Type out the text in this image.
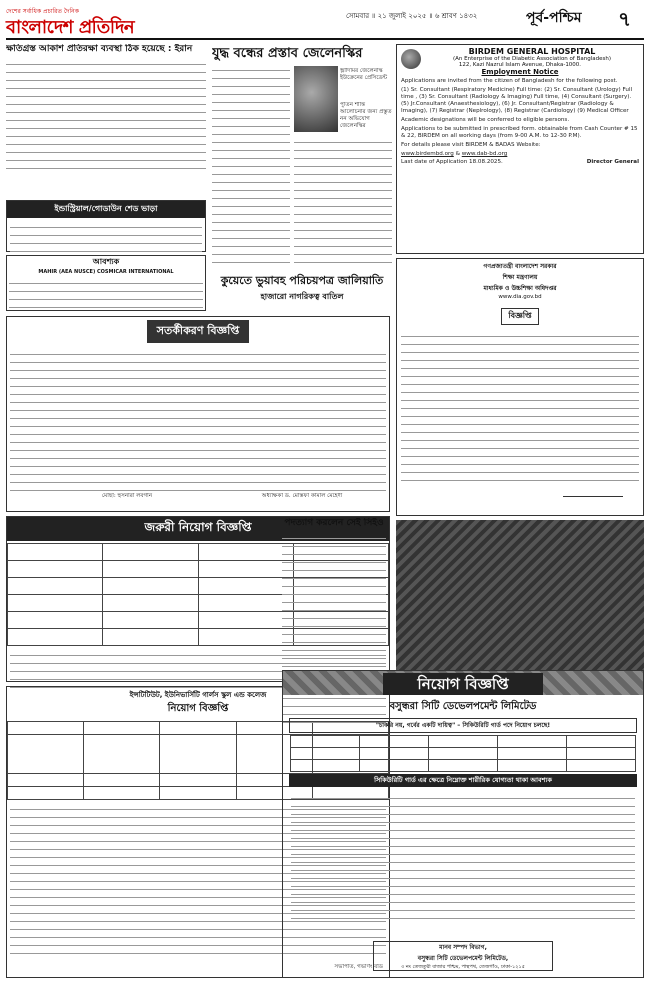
দেশের সর্বাধিক প্রচারিত দৈনিক
বাংলাদেশ প্রতিদিন
সোমবার ॥ ২১ জুলাই ২০২৫ ॥ ৬ শ্রাবণ ১৪৩২	পূর্ব-পশ্চিম ৭
ক্ষতিগ্রস্ত আকাশ প্রতিরক্ষা ব্যবস্থা ঠিক হয়েছে : ইরান
ইন্ডাস্ট্রিয়াল/গোডাউন শেড ভাড়া
আবশ্যক
MAHIR (AEA NUSCE) COSMICAR INTERNATIONAL
সতর্কীকরণ বিজ্ঞপ্তি
মোছা: হুসনারা লবগান	অধ্যক্ষিকা ড. মোস্তফা কামাল মেহেদী
জরুরী নিয়োগ বিজ্ঞপ্তি

ইন্সটিটিউট, ইউনিভার্সিটি গার্লস স্কুল এন্ড কলেজ
নিয়োগ বিজ্ঞপ্তি

সভাপতি, গভর্ণিং বডি
যুদ্ধ বন্ধের প্রস্তাব জেলেনস্কির
ভ্লাদিমির জেলেনস্কি ইউক্রেনের প্রেসিডেন্ট
পুতিন শান্তি আলোচনার জন্য প্রস্তুত নন অভিযোগ জেলেনস্কির
কুয়েতে ভুয়াবহ পরিচয়পত্র জালিয়াতি
হাজারো নাগরিকত্ব বাতিল
পদত্যাগ করলেন সেই সিইও
BIRDEM GENERAL HOSPITAL
(An Enterprise of the Diabetic Association of Bangladesh)
122, Kazi Nazrul Islam Avenue, Dhaka-1000.
Employment Notice
Applications are invited from the citizen of Bangladesh for the following post.
(1) Sr. Consultant (Respiratory Medicine) Full time: (2) Sr. Consultant (Urology) Full time , (3) Sr. Consultant (Radiology & Imaging) Full time, (4) Consultant (Surgery). (5) Jr.Consultant (Anaesthesiology), (6) Jr. Consultant/Registrar (Radiology & Imaging), (7) Registrar (Neplrology), (8) Registrar (Cardiology) (9) Medical Officer
Academic designations will be conferred to eligible persons.
Applications to be submitted in prescribed form. obtainable from Cash Counter # 15 & 22, BIRDEM on all working days (from 9-00 A.M. to 12-30 P.M).
For details please visit BIRDEM & BADAS Website:
www.birdembd.org & www.dab-bd.org
Last date of Application 18.08.2025.	Director General
গণপ্রজাতন্ত্রী বাংলাদেশ সরকার
শিক্ষা মন্ত্রণালয়
মাধ্যমিক ও উচ্চশিক্ষা অধিদপ্তর
www.dia.gov.bd
বিজ্ঞপ্তি
নিয়োগ বিজ্ঞপ্তি
বসুন্ধরা সিটি ডেভেলপমেন্ট লিমিটেড
"চাকরি নয়, গর্বের একটি দায়িত্ব" – সিকিউরিটি গার্ড পদে নিয়োগ চলছে!

সিকিউরিটি গার্ড এর ক্ষেত্রে নিম্নোক্ত শারীরিক যোগ্যতা থাকা আবশ্যক
মানব সম্পদ বিভাগ,
বসুন্ধরা সিটি ডেভেলপমেন্ট লিমিটেড,
৩ নং তেজতুরী বাজার পশ্চিম, পান্থপথ, তেজগাঁও, ঢাকা-১২১৫
